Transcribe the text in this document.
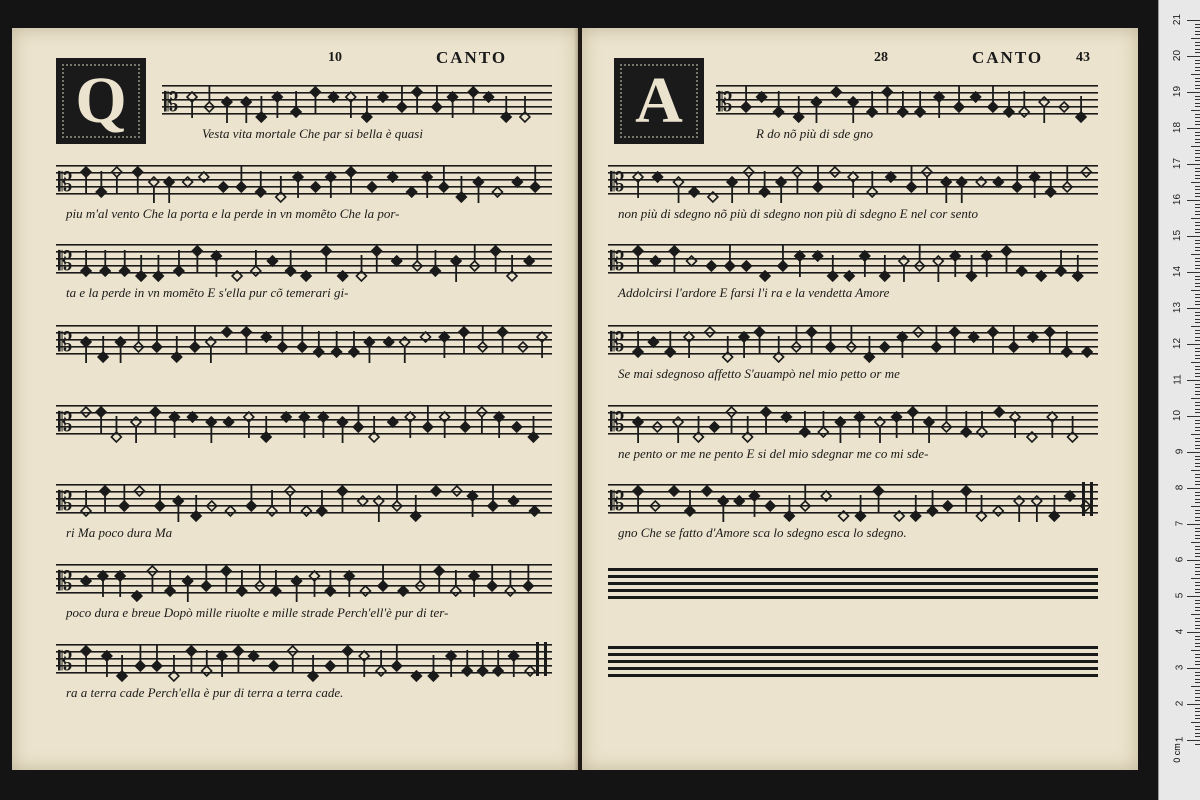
Q
10	CANTO
𝄡
Vesta vita mortale Che par si bella è quasi
𝄡
piu m'al vento Che la porta e la perde in vn momẽto Che la por-
𝄡
ta e la perde in vn momẽto E s'ella pur cõ temerari gi-
𝄡
𝄡
𝄡
ri Ma poco dura Ma
𝄡
poco dura e breue Dopò mille riuolte e mille strade Perch'ell'è pur di ter-
𝄡
ra a terra cade Perch'ella è pur di terra a terra cade.
A
28	CANTO 43
𝄡
R do nõ più di sde gno
𝄡
non più di sdegno nõ più di sdegno non più di sdegno E nel cor sento
𝄡
Addolcirsi l'ardore E farsi l'i ra e la vendetta Amore
𝄡
Se mai sdegnoso affetto S'auampò nel mio petto or me
𝄡
ne pento or me ne pento E si del mio sdegnar me co mi sde-
𝄡
gno Che se fatto d'Amore sca lo sdegno esca lo sdegno.
0 cm
21
20
19
18
17
16
15
14
13
12
11
10
9
8
7
6
5
4
3
2
1
